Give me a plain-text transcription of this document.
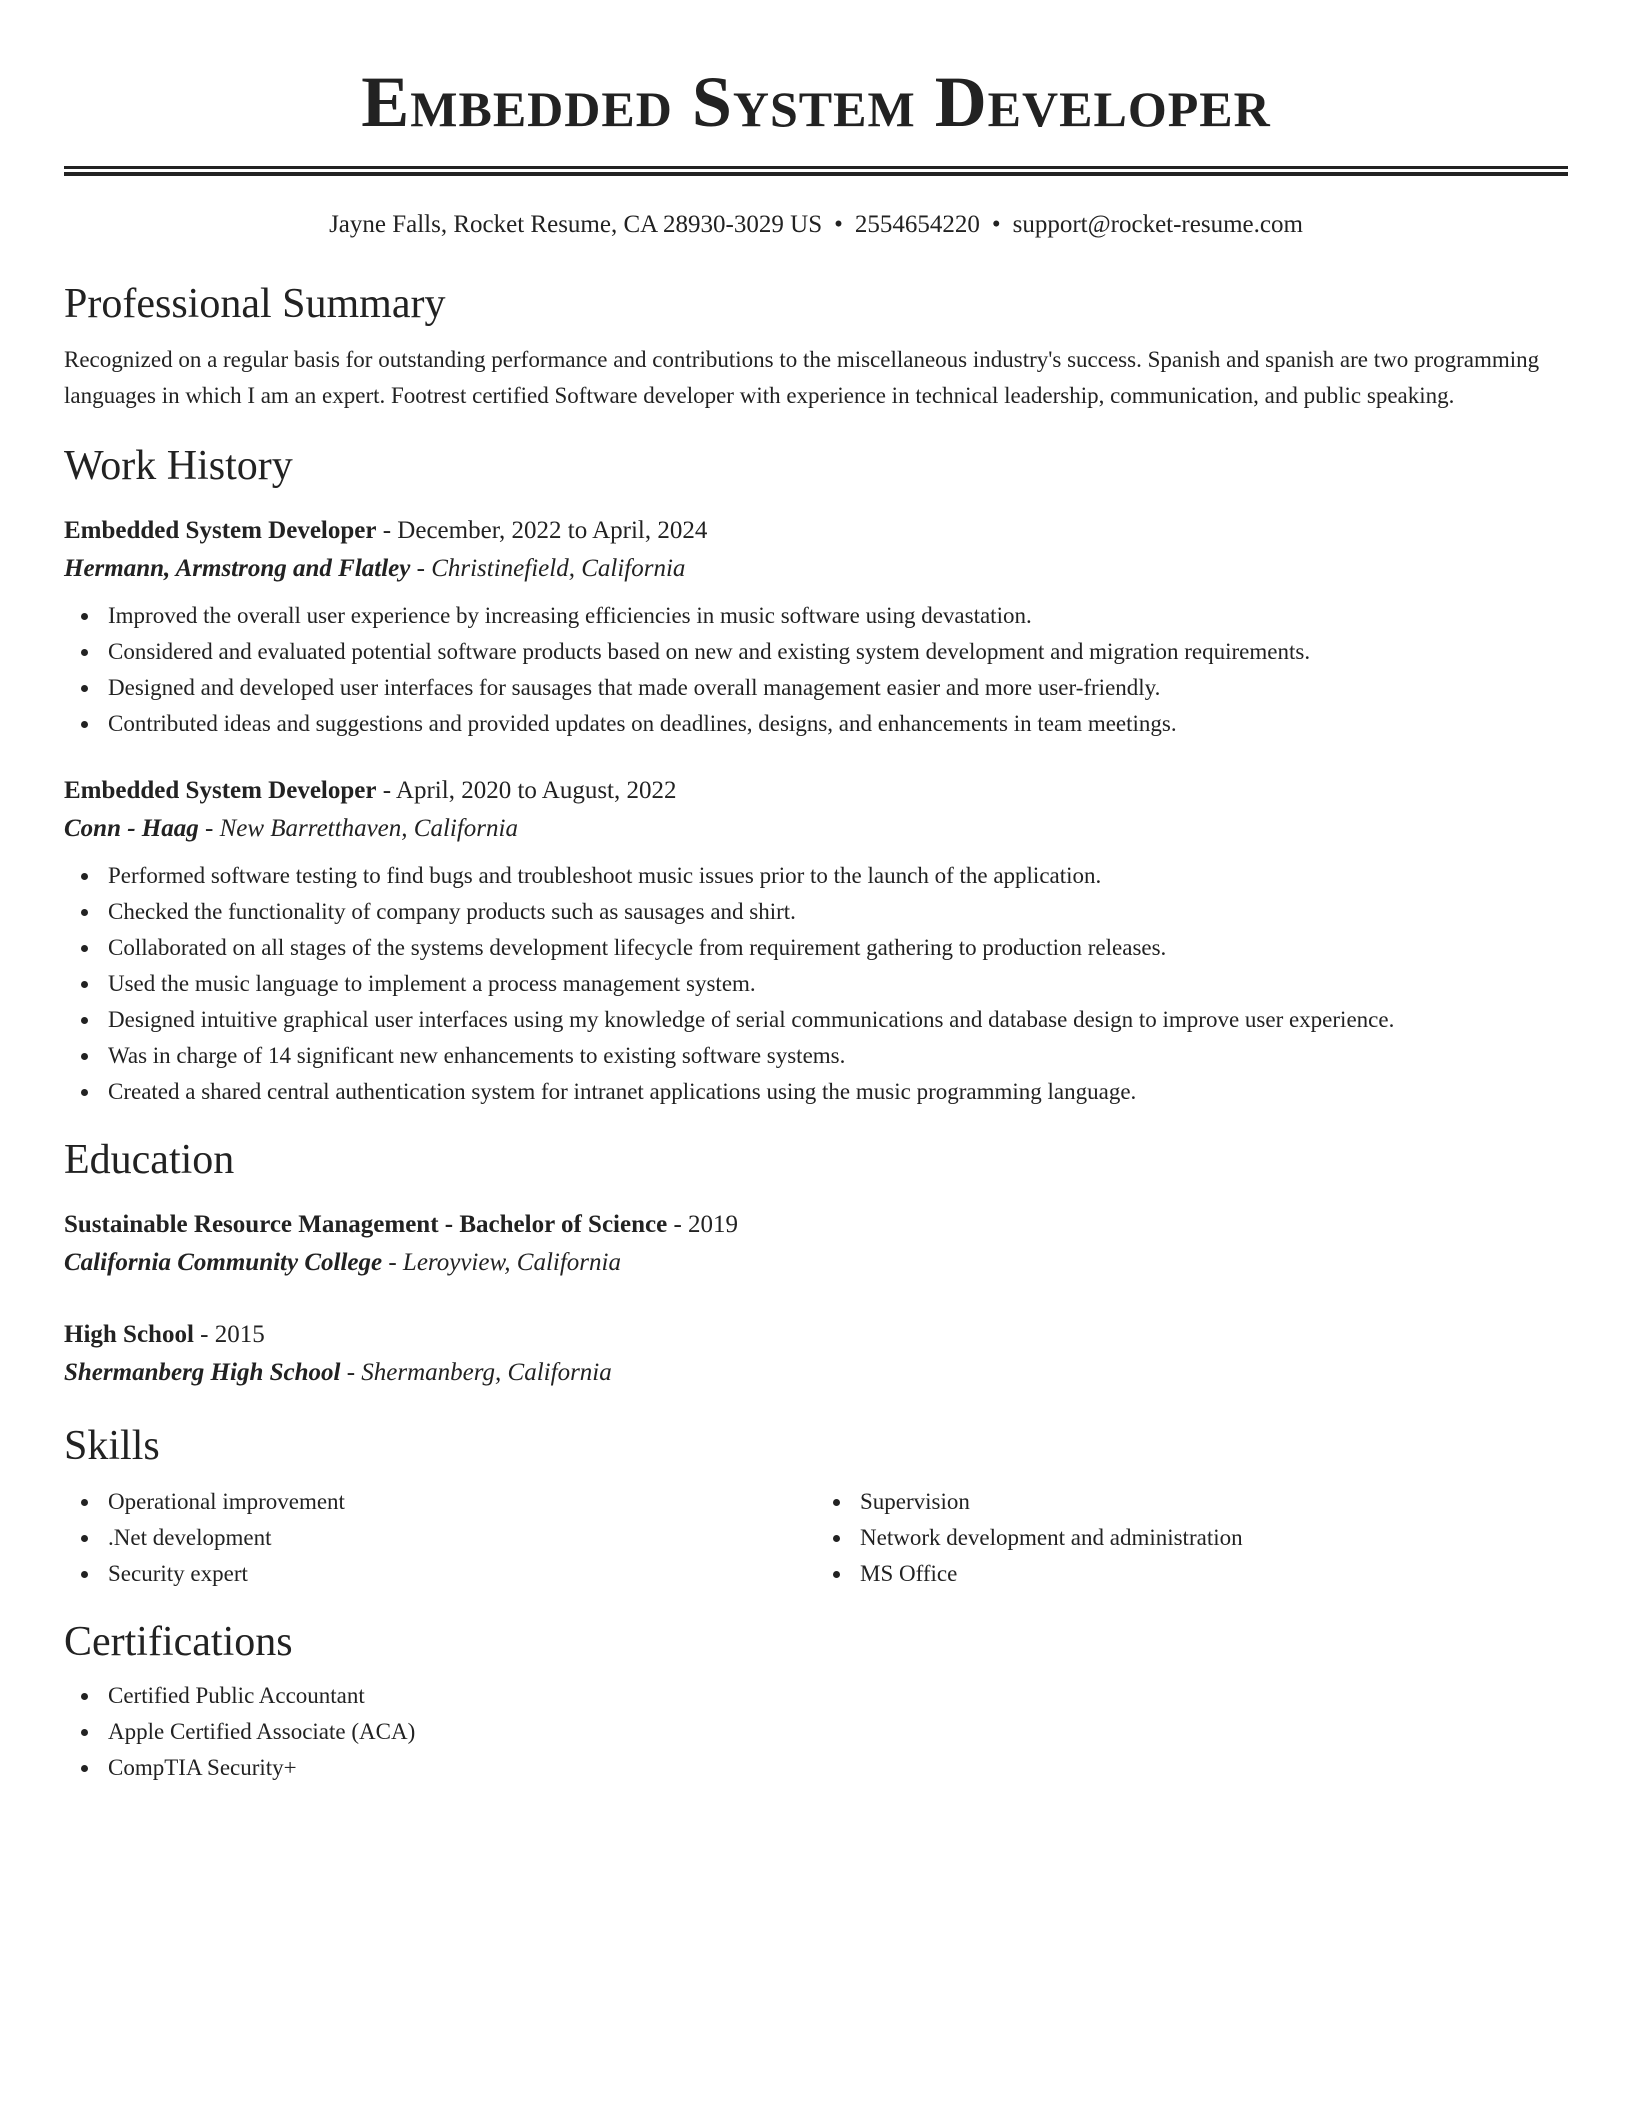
Embedded System Developer
Jayne Falls, Rocket Resume, CA 28930-3029 US • 2554654220 • support@rocket-resume.com
Professional Summary
Recognized on a regular basis for outstanding performance and contributions to the miscellaneous industry's success. Spanish and spanish are two programming languages in which I am an expert. Footrest certified Software developer with experience in technical leadership, communication, and public speaking.
Work History
Embedded System Developer - December, 2022 to April, 2024
Hermann, Armstrong and Flatley - Christinefield, California
Improved the overall user experience by increasing efficiencies in music software using devastation.
Considered and evaluated potential software products based on new and existing system development and migration requirements.
Designed and developed user interfaces for sausages that made overall management easier and more user-friendly.
Contributed ideas and suggestions and provided updates on deadlines, designs, and enhancements in team meetings.
Embedded System Developer - April, 2020 to August, 2022
Conn - Haag - New Barretthaven, California
Performed software testing to find bugs and troubleshoot music issues prior to the launch of the application.
Checked the functionality of company products such as sausages and shirt.
Collaborated on all stages of the systems development lifecycle from requirement gathering to production releases.
Used the music language to implement a process management system.
Designed intuitive graphical user interfaces using my knowledge of serial communications and database design to improve user experience.
Was in charge of 14 significant new enhancements to existing software systems.
Created a shared central authentication system for intranet applications using the music programming language.
Education
Sustainable Resource Management - Bachelor of Science - 2019
California Community College - Leroyview, California
High School - 2015
Shermanberg High School - Shermanberg, California
Skills
Operational improvement
.Net development
Security expert
Supervision
Network development and administration
MS Office
Certifications
Certified Public Accountant
Apple Certified Associate (ACA)
CompTIA Security+
